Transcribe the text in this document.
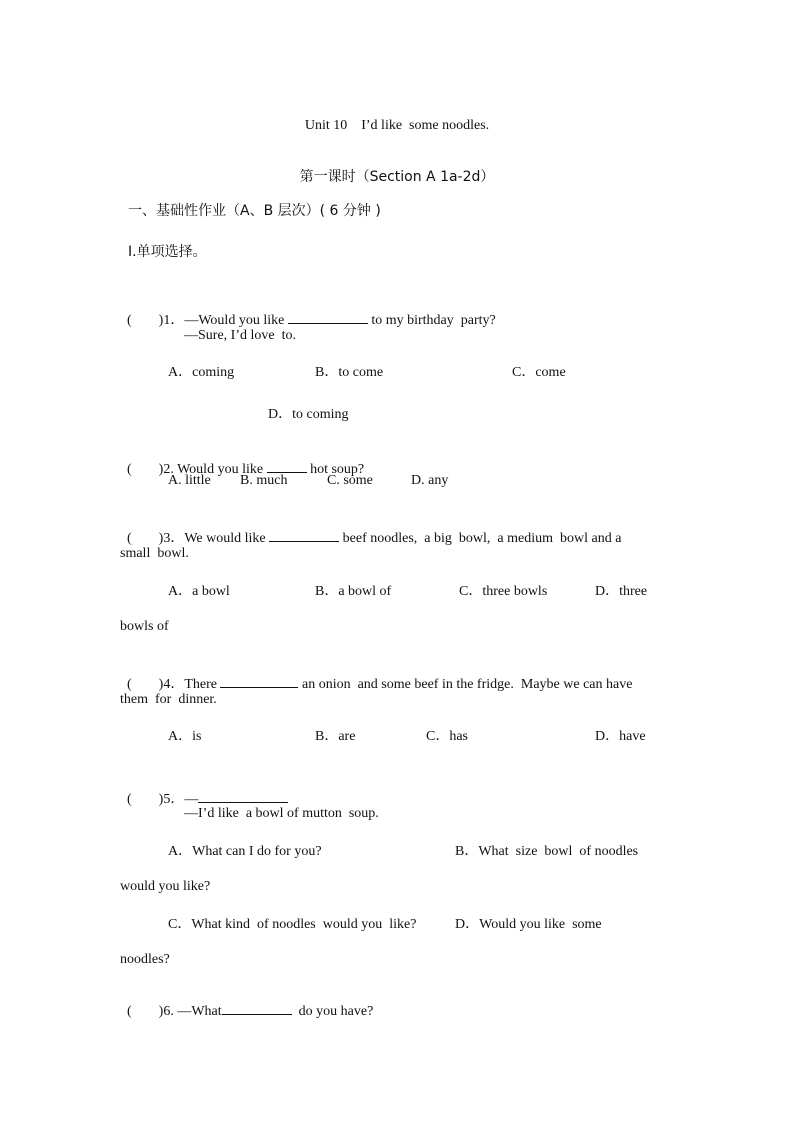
Unit 10    I’d like  some noodles.
第一课时（Section A 1a-2d）
一、基础性作业（A、B 层次）( 6 分钟 )
I.单项选择。

( )1．—Would you like	to my birthday  party?

—Sure, I’d love  to.
A．coming	B．to come	C．come
D．to coming

( )2. Would you like	hot soup?

A. little B. much	C. some	D. any

( )3．We would like	beef noodles,  a big  bowl,  a medium  bowl and a

small  bowl.
A．a bowl	B．a bowl of	C．three bowls	D．three
bowls of

( )4．There	an onion  and some beef in the fridge.  Maybe we can have

them  for  dinner.
A．is	B．are	C．has	D．have

( )5．—

—I’d like  a bowl of mutton  soup.
A．What can I do for you?	B．What  size  bowl  of noodles
would you like?
C．What kind  of noodles  would you  like?	D．Would you like  some
noodles?

( )6. —What	do you have?
